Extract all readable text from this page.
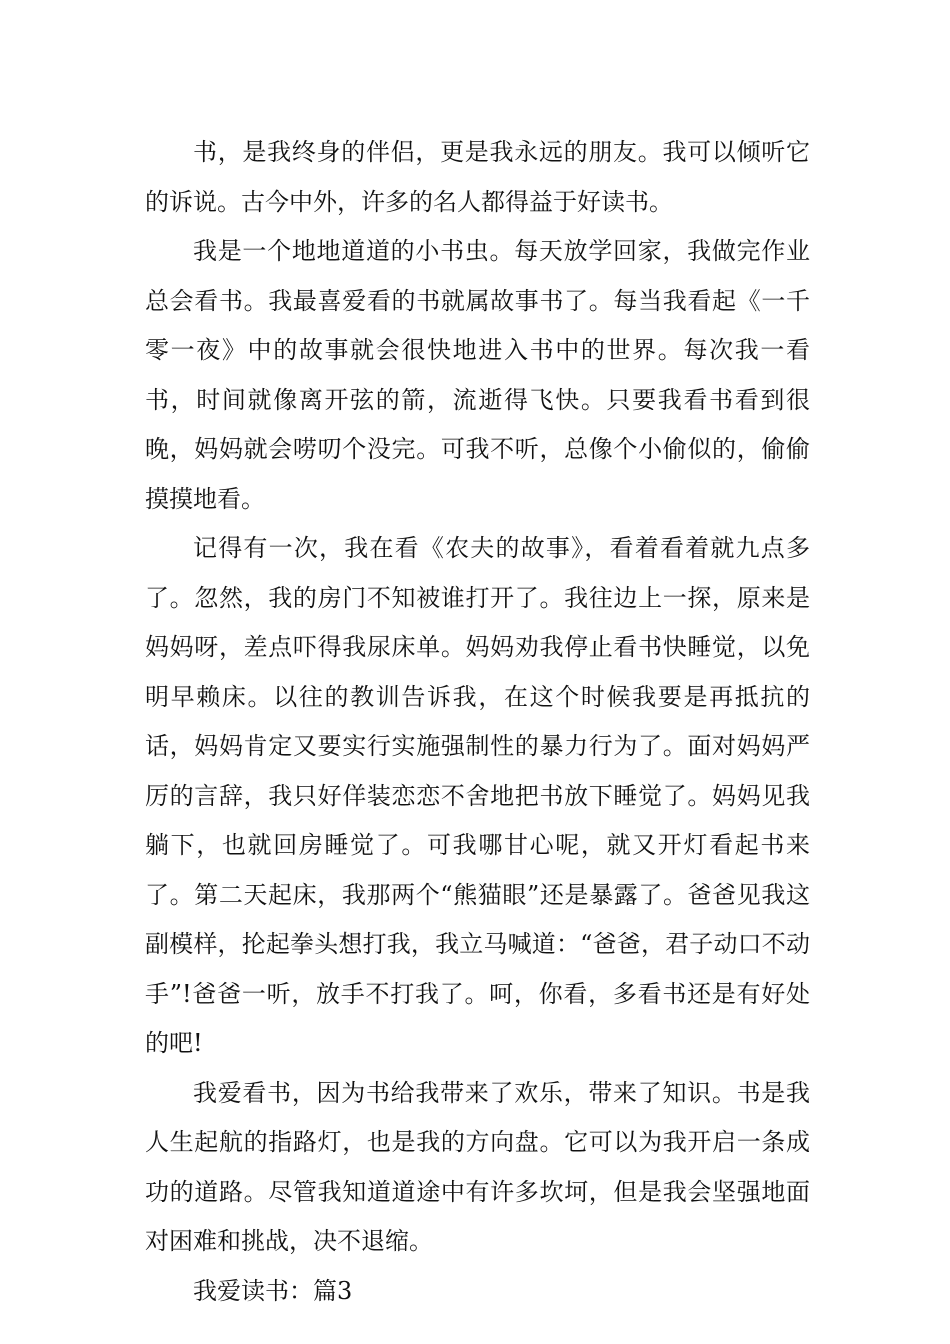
书，是我终身的伴侣，更是我永远的朋友。我可以倾听它的诉说。古今中外，许多的名人都得益于好读书。

我是一个地地道道的小书虫。每天放学回家，我做完作业总会看书。我最喜爱看的书就属故事书了。每当我看起《一千零一夜》中的故事就会很快地进入书中的世界。每次我一看书，时间就像离开弦的箭，流逝得飞快。只要我看书看到很晚，妈妈就会唠叨个没完。可我不听，总像个小偷似的，偷偷摸摸地看。

记得有一次，我在看《农夫的故事》，看着看着就九点多了。忽然，我的房门不知被谁打开了。我往边上一探，原来是妈妈呀，差点吓得我尿床单。妈妈劝我停止看书快睡觉，以免明早赖床。以往的教训告诉我，在这个时候我要是再抵抗的话，妈妈肯定又要实行实施强制性的暴力行为了。面对妈妈严厉的言辞，我只好佯装恋恋不舍地把书放下睡觉了。妈妈见我躺下，也就回房睡觉了。可我哪甘心呢，就又开灯看起书来了。第二天起床，我那两个“熊猫眼”还是暴露了。爸爸见我这副模样，抡起拳头想打我，我立马喊道：“爸爸，君子动口不动手”!爸爸一听，放手不打我了。呵，你看，多看书还是有好处的吧!

我爱看书，因为书给我带来了欢乐，带来了知识。书是我人生起航的指路灯，也是我的方向盘。它可以为我开启一条成功的道路。尽管我知道道途中有许多坎坷，但是我会坚强地面对困难和挑战，决不退缩。

我爱读书：篇3
